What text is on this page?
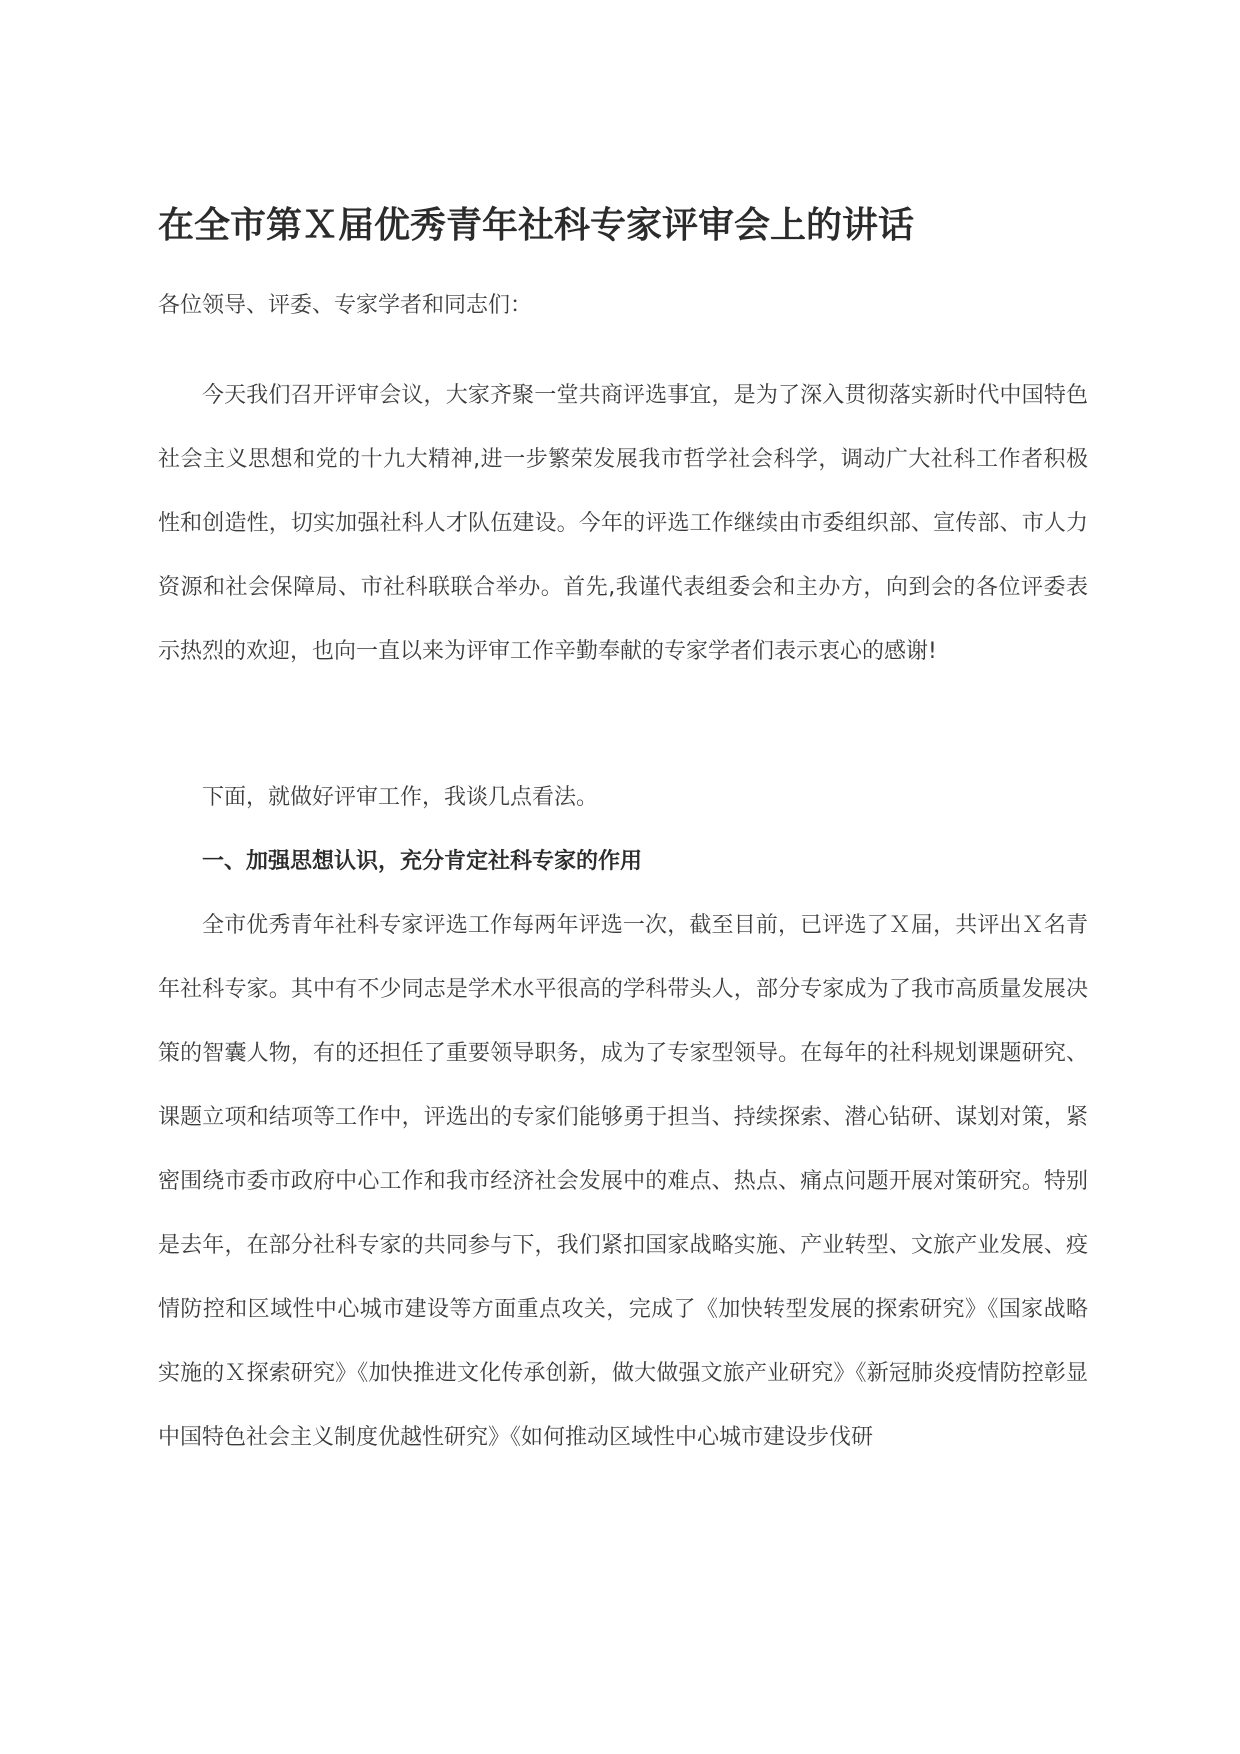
在全市第Ｘ届优秀青年社科专家评审会上的讲话

各位领导、评委、专家学者和同志们：

今天我们召开评审会议，大家齐聚一堂共商评选事宜，是为了深入贯彻落实新时代中国特色社会主义思想和党的十九大精神,进一步繁荣发展我市哲学社会科学，调动广大社科工作者积极性和创造性，切实加强社科人才队伍建设。今年的评选工作继续由市委组织部、宣传部、市人力资源和社会保障局、市社科联联合举办。首先,我谨代表组委会和主办方，向到会的各位评委表示热烈的欢迎，也向一直以来为评审工作辛勤奉献的专家学者们表示衷心的感谢!

下面，就做好评审工作，我谈几点看法。

一、加强思想认识，充分肯定社科专家的作用

全市优秀青年社科专家评选工作每两年评选一次，截至目前，已评选了Ｘ届，共评出Ｘ名青年社科专家。其中有不少同志是学术水平很高的学科带头人，部分专家成为了我市高质量发展决策的智囊人物，有的还担任了重要领导职务，成为了专家型领导。在每年的社科规划课题研究、课题立项和结项等工作中，评选出的专家们能够勇于担当、持续探索、潜心钻研、谋划对策，紧密围绕市委市政府中心工作和我市经济社会发展中的难点、热点、痛点问题开展对策研究。特别是去年，在部分社科专家的共同参与下，我们紧扣国家战略实施、产业转型、文旅产业发展、疫情防控和区域性中心城市建设等方面重点攻关，完成了《加快转型发展的探索研究》《国家战略实施的Ｘ探索研究》《加快推进文化传承创新，做大做强文旅产业研究》《新冠肺炎疫情防控彰显中国特色社会主义制度优越性研究》《如何推动区域性中心城市建设步伐研
